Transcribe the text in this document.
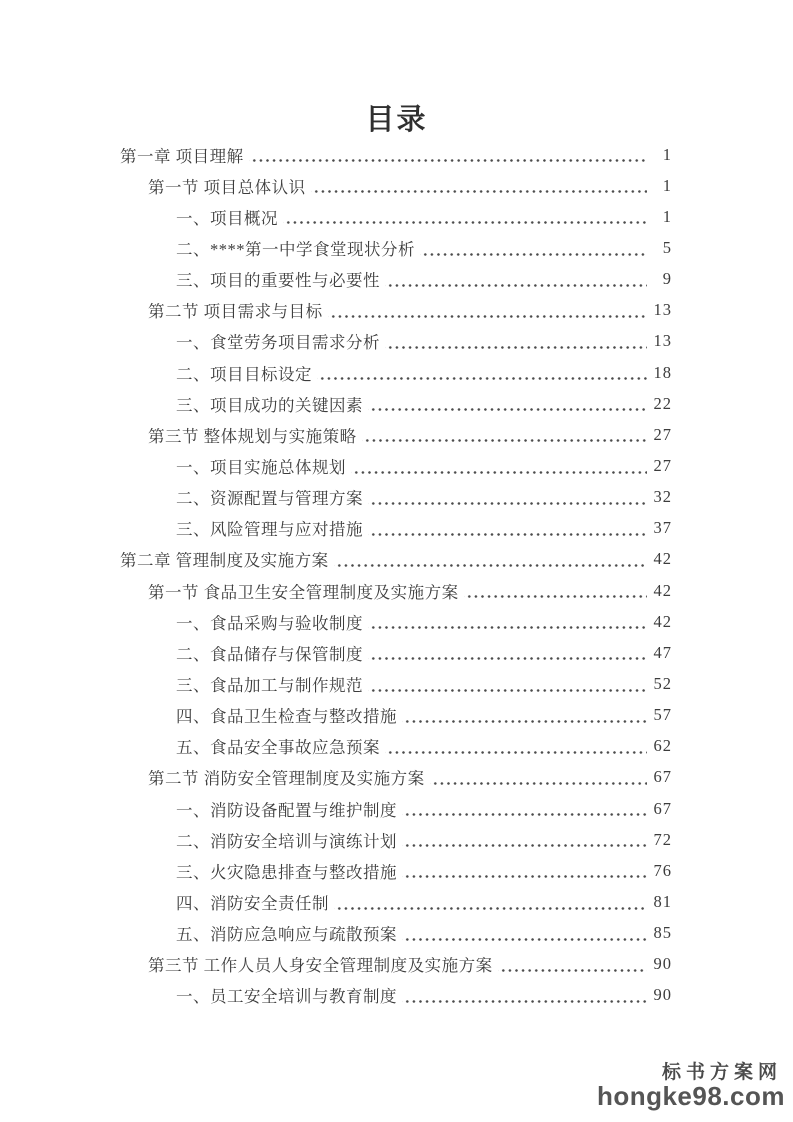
目录
第一章 项目理解	1
第一节 项目总体认识	1
一、项目概况	1
二、****第一中学食堂现状分析	5
三、项目的重要性与必要性	9
第二节 项目需求与目标	13
一、食堂劳务项目需求分析	13
二、项目目标设定	18
三、项目成功的关键因素	22
第三节 整体规划与实施策略	27
一、项目实施总体规划	27
二、资源配置与管理方案	32
三、风险管理与应对措施	37
第二章 管理制度及实施方案	42
第一节 食品卫生安全管理制度及实施方案	42
一、食品采购与验收制度	42
二、食品储存与保管制度	47
三、食品加工与制作规范	52
四、食品卫生检查与整改措施	57
五、食品安全事故应急预案	62
第二节 消防安全管理制度及实施方案	67
一、消防设备配置与维护制度	67
二、消防安全培训与演练计划	72
三、火灾隐患排查与整改措施	76
四、消防安全责任制	81
五、消防应急响应与疏散预案	85
第三节 工作人员人身安全管理制度及实施方案	90
一、员工安全培训与教育制度	90
标书方案网
hongke98.com
